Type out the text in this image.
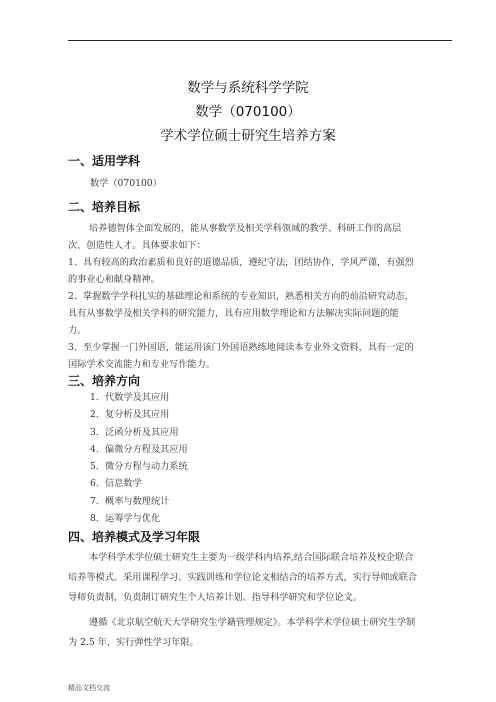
数学与系统科学学院
数学（070100）
学术学位硕士研究生培养方案
一、适用学科
数学（070100）
二、培养目标
培养德智体全面发展的，能从事数学及相关学科领域的教学、科研工作的高层
次、创造性人才。具体要求如下：
1、具有较高的政治素质和良好的道德品质，遵纪守法，团结协作，学风严谨，有强烈
的事业心和献身精神。
2、掌握数学学科扎实的基础理论和系统的专业知识，熟悉相关方向的前沿研究动态，
具有从事数学及相关学科的研究能力，具有应用数学理论和方法解决实际问题的能
力。
3、至少掌握一门外国语，能运用该门外国语熟练地阅读本专业外文资料，具有一定的
国际学术交流能力和专业写作能力。
三、培养方向
1．代数学及其应用
2．复分析及其应用
3．泛函分析及其应用
4．偏微分方程及其应用
5．微分方程与动力系统
6．信息数学
7．概率与数理统计
8．运筹学与优化
四、培养模式及学习年限
本学科学术学位硕士研究生主要为一级学科内培养,结合国际联合培养及校企联合
培养等模式。采用课程学习、实践训练和学位论文相结合的培养方式，实行导师或联合
导师负责制，负责制订研究生个人培养计划、指导科学研究和学位论文。
遵循《北京航空航天大学研究生学籍管理规定》。本学科学术学位硕士研究生学制
为 2.5 年，实行弹性学习年限。
精品文档交流
